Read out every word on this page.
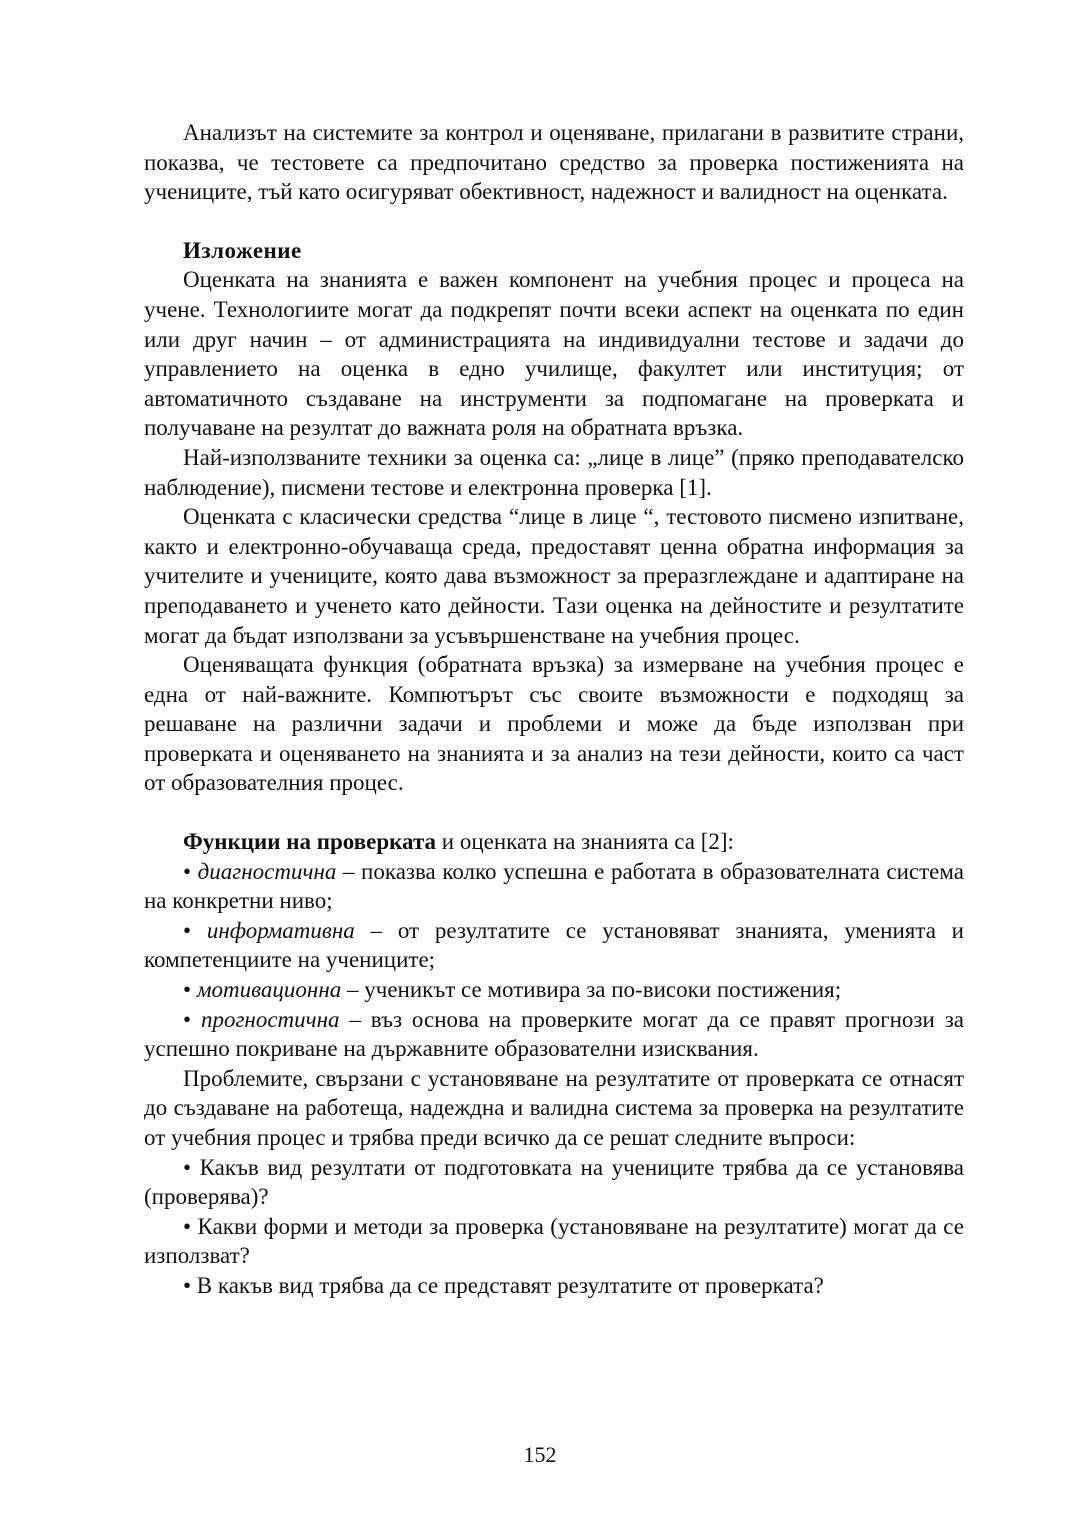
Анализът на системите за контрол и оценяване, прилагани в развитите страни, показва, че тестовете са предпочитано средство за проверка постиженията на учениците, тъй като осигуряват обективност, надежност и валидност на оценката.

Изложение

Оценката на знанията е важен компонент на учебния процес и процеса на учене. Технологиите могат да подкрепят почти всеки аспект на оценката по един или друг начин – от администрацията на индивидуални тестове и задачи до управлението на оценка в едно училище, факултет или институция; от автоматичното създаване на инструменти за подпомагане на проверката и получаване на резултат до важната роля на обратната връзка.

Най-използваните техники за оценка са: „лице в лице” (пряко преподавателско наблюдение), писмени тестове и електронна проверка [1].

Оценката с класически средства “лице в лице “, тестовото писмено изпитване, както и електронно-обучаваща среда, предоставят ценна обратна информация за учителите и учениците, която дава възможност за преразглеждане и адаптиране на преподаването и ученето като дейности. Тази оценка на дейностите и резултатите могат да бъдат използвани за усъвършенстване на учебния процес.

Оценяващата функция (обратната връзка) за измерване на учебния процес е една от най-важните. Компютърът със своите възможности е подходящ за решаване на различни задачи и проблеми и може да бъде използван при проверката и оценяването на знанията и за анализ на тези дейности, които са част от образователния процес.

Функции на проверката и оценката на знанията са [2]:

• диагностична – показва колко успешна е работата в образователната система на конкретни ниво;

• информативна – от резултатите се установяват знанията, уменията и компетенциите на учениците;

• мотивационна – ученикът се мотивира за по-високи постижения;

• прогностична – въз основа на проверките могат да се правят прогнози за успешно покриване на държавните образователни изисквания.

Проблемите, свързани с установяване на резултатите от проверката се отнасят до създаване на работеща, надеждна и валидна система за проверка на резултатите от учебния процес и трябва преди всичко да се решат следните въпроси:

• Какъв вид резултати от подготовката на учениците трябва да се установява (проверява)?

• Какви форми и методи за проверка (установяване на резултатите) могат да се използват?

• В какъв вид трябва да се представят резултатите от проверката?

152
